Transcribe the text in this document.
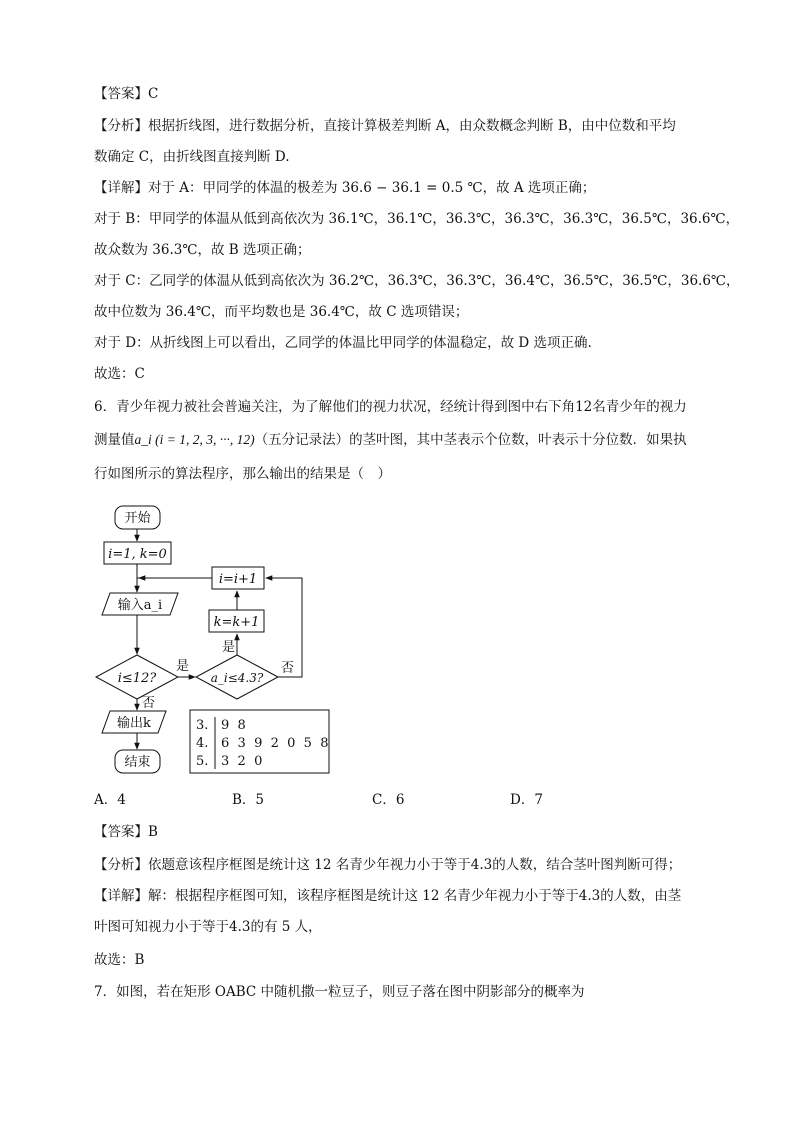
【答案】C
【分析】根据折线图，进行数据分析，直接计算极差判断 A，由众数概念判断 B，由中位数和平均
数确定 C，由折线图直接判断 D.
【详解】对于 A：甲同学的体温的极差为 36.6 − 36.1 = 0.5 ℃，故 A 选项正确；
对于 B：甲同学的体温从低到高依次为 36.1℃，36.1℃，36.3℃，36.3℃，36.3℃，36.5℃，36.6℃，
故众数为 36.3℃，故 B 选项正确；
对于 C：乙同学的体温从低到高依次为 36.2℃，36.3℃，36.3℃，36.4℃，36.5℃，36.5℃，36.6℃，
故中位数为 36.4℃，而平均数也是 36.4℃，故 C 选项错误；
对于 D：从折线图上可以看出，乙同学的体温比甲同学的体温稳定，故 D 选项正确.
故选：C
6．青少年视力被社会普遍关注，为了解他们的视力状况，经统计得到图中右下角12名青少年的视力
测量值a_i (i = 1, 2, 3, ···, 12)（五分记录法）的茎叶图，其中茎表示个位数，叶表示十分位数．如果执
行如图所示的算法程序，那么输出的结果是（　）
开始
i=1, k=0
输入a_i
i≤12?	a_i≤4.3?
是
是
否
否
k=k+1
i=i+1
输出k
结束
3. 9  8
4. 6  3  9  2  0  5  8
5. 3  2  0
A．4	B．5	C．6	D．7
【答案】B
【分析】依题意该程序框图是统计这 12 名青少年视力小于等于4.3的人数，结合茎叶图判断可得；
【详解】解：根据程序框图可知，该程序框图是统计这 12 名青少年视力小于等于4.3的人数，由茎
叶图可知视力小于等于4.3的有 5 人，
故选：B
7．如图，若在矩形 OABC 中随机撒一粒豆子，则豆子落在图中阴影部分的概率为
